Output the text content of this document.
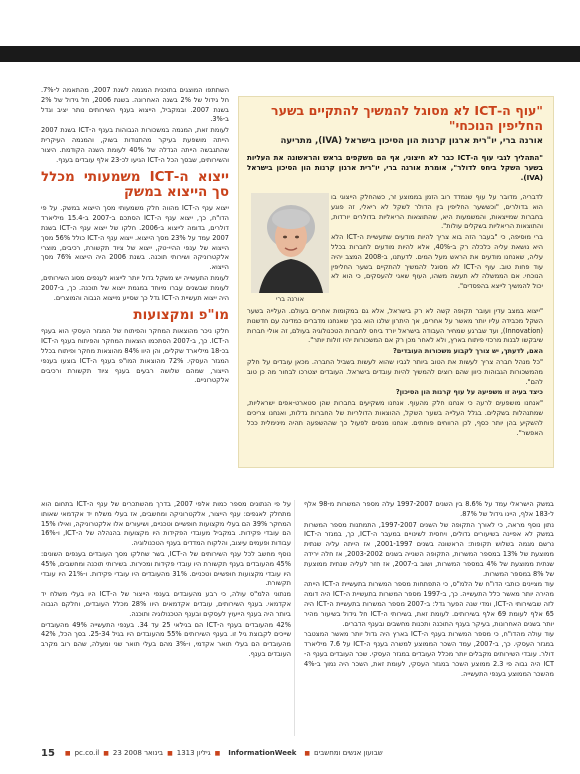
השתתפו המוצגים בתוכנית המגמה לשנת 2007, מהתאמה ל-7%. חל גידול של 2% בשנה האחרונה. בשנת 2006, חל גידול של 2% בשנת 2007. ובמקביל, הייצוא בענף השירותים נותר יציב וגדל ב-3%.

לעומת זאת, המגמה במשכורות הגבוהות בענף ה-ICT בשנת 2007 הייתה מושפעת בעיקר מהתנודות בשוק, והמגמה העיקרית שהתגבשה הייתה הגדלה של 40% לעומת השנה הקודמת. היצור והשירותים, שבסך הכל ה-ICT הגיעו לכ-23 אלף עובדים בענף.

ייצוא ה-ICT משמעותי מכלל סך הייצוא במשק

ייצוא ענף ה-ICT מהווה חלק משמעותי מסך הייצוא במשק. על פי הדו"ח, כך, ייצוא ענף ה-ICT הסתכם ב-2007 ב-15.4 מיליארד דולרים, בדומה לייצוא ב-2006. חלקו של ייצוא ענף ה-ICT בשנת 2007 עמד על 23% מסך הייצוא. ייצוא ענף ה-ICT כולל 56% מסך הייצוא של ענפי ההיי-טק, ייצוא של ציוד תקשורת, רכיבים, מוצרי אלקטרוניקה ושירותי תוכנה. בשנת 2006 היה הייצוא 76% מסך הייצוא.

לעומת התעשייה יש משקל גדול יותר לייצוא לענפים מסוג השירותים, לעומת שבשנים עברו מיוחד במגמת ייצוא של תוכנה. כך, ב-2007 היה ייצוא תעשיית ה-ICT גדל כך שסייע מייצוא הגבוה והמוצרים.

מו"פ ומקצועות

חלקו ניכר מהוצאות המחקר והפיתוח של המגזר העסקי הוא בענף ה-ICT. כך, ב-2007 הסתכמו הוצאות המחקר והפיתוח בענף ה-ICT בכ-18 מיליארד שקלים, והן היוו 84% מהוצאות מחקר ופיתוח בכלל המגזר העסקי. 72% מהוצאות המו"פ בענף ה-ICT בוצעו בענפי הייצור, שמהם שלושה רבעים בענף ציוד תקשורת ורכיבים אלקטרוניים.

"עוף ה-ICT לא מסוגל להמשיך להתקיים בשער החליפין הנוכחי"
אורנה ברי, יו"רית ארגון קרנות הון הסיכון בישראל (IVA), מתריעה
"התהליך לגבי עוף ה-ICT כבר לא חיצוני, אף הם משקפים בראש והראשונה את העליות בשער השקל ביחס לדולר", אומרת אורנה ברי, יו"רית ארגון קרנות הון הסיכון בישראל (IVA).
אורנה ברי

לדבריה, מדובר על עוף שנמדד רוב הזמן בממוצע זר, כשהחלק הייצוגי בו הוא בדולרים, "וכששער החליפין בין הדולר לשקל לא ריאלי, זה פוגע בחברות שמייצאות, והמשמעות היא, שהתוצאות הריאליות בדולרים יורדות, והתוצאות הריאליות בשקלים עולות".

ברי מוסיפה, כי "בעבר הזה בוא צריך להיות מודעים שתעשיית ה-ICT הלא היא נושאת עליה כלכלה רק ב-40%, אלא להיות מודעים לחברות בכלל עליה, שאנחנו מודעים את הראש מעל המים. לדעתנו, ב-2008 המצב יהיה עוד פחות טוב. עוף ה-ICT לא מסוגל להמשיך להתקיים בשער החליפין הנוכחי. אם הממשלה לא תעשה משהו, העוף שאני להעסקים, כי הוא לא יכול להמשיך לייצא בהפסדים".

"ייצוא במצב עדין ועובר תקופה קשה לא רק בישראל, אלא גם במקומות אחרים בעולם. העלייה בשער השקל מכבידה עליו יותר מאשר על אחרים, אך היתרון שלנו הוא בכך שאנחנו מדברים כמדינה עם חדשנות (Innovation), ועד שברגע שמחיר העבודה בישראל יורד ביחס לחברות הטכנולוגיה בעולם, זה אולי חברות שיבקשו לבנות מרכזי פיתוח בארץ, ולא לאחר מכן רק אם המשכורות יהיו זולות יותר".

האם, לדעתך, יש צורך לקבוע משכורות העובדים?

"כל מנהל חברה צריך לעשות את הטוב ביותר לגביו שהוא לעשות בשביל החברה. מכאן עובדים על חלק מהמשכורות הגבוהות כיוון שהם רוצים להמשיך להיות עובדים בישראל. העובדים יצטרכו לבחור מה כן טוב להם".

כיצד בעיה זו משפיעה על עוף קרנות הון הסיכון?

"אנחנו מושפעים לרעה כי אנחנו חלק מהעוף. אנחנו משקיעים בחברות שהן סטארט-אפים ישראליות, שמתנהלות בשקלים. בגלל העלייה בשער השקל, ההוצאות הדולריות של החברות גדלות, ואנחנו צריכים להשקיע בהן יותר כסף, לכן הרווחים פוחתים. אנחנו מנסים לפעול כך שההשפעה תהיה מינימלית ככל האפשר".

במשק הישראלי עמד על 8.6% בין השנים 1997-2007 עלה מספר המשרות מ-98 אלף ל-183 אלף, היינו גידול של 87%.

נתון נוסף מראה, כי לאורך התקופה של השנים 1997-2007, התמתנות מספר המשרות במשק לא אפיינה בשיעורים גדולים, ויחסית לשינויים במעבר ה-ICT, כך, במגזר ה-ICT נרשם מגמה בשלוש תקופות: הראשונה בשנים 2001-1997, אז הייתה עליה שנתית ממוצעת של 13% במספר המשרות, התקופה השנייה בשנים 2003-2002, אז חלה ירידה שנתית ממוצעת של 4% במספר המשרות, ושוב ב-2007, אז חזר לעליה שנתית ממוצעת של 8% במספר המשרות.

עוד מציינים כותבי הדו"ח של הלמ"ס, כי התפתחות מספר המשרות בתעשיית ה-ICT הייתה מהירה יותר מאשר כלל התעשייה. כך, ב-1997 מספר המשרות בתעשיית ה-ICT היה דומה לזה שבשירותי ה-ICT, ומדי שנה הפער גדל: ב-2007 מספר המשרות בתעשיית ה-ICT היה 65 אלף לעומת 69 אלף בשירותים. לעומת זאת, בשירותי ה-ICT חל גידול בשיעור מהיר יותר בשנים האחרונות, בעיקר בענף התוכנה ותכנות מחשבים ובענף הדברים.

עוד עולה מהדו"ח, כי מספר המשרות בענף ה-ICT בארץ היה גדול יותר מאשר המצטבר במגזר העסקי. כך, ב-2007, עמד השכר הממוצע למשרה בענף ה-ICT על 7.6 מיליארד דולר. עובדי השירותים מקבלים יותר מכלל העובדים במגזר העסקי. שכר העובדים בענף ה-ICT היה גבוה פי 2.3 ממוצע השכר במגזר העסקי, לעומת זאת, השכר היה נמוך ב-4% מהשכר הממוצע בענפי התעשייה.

על פי הנתונים מספר כמות אלפי 2007, בדרך מהשתכרים של ענף ה-ICT בתחום הוא מתחלק לאגפים: ענף הייצור, אלקטרוניקה ומחשבים, אז בעלי משלח יד אקדמאי שאותו המחקר 39% הם בעלי מקצועות חופשיים וטכניים, ושיעורים אלו אלקטרוניקה, ואילו 15% הם עובדי פקידות. במקביל מעובדי הפקידות היו מקצועות בהנהלה של ה-ICT, ו-16% עבודות ופעמים עיצוב, והלקוח המדדים בענף הטכנולוגיה.

נוסף מחשב לכל ענף השירותים של ה-ICT, בשר שחלקו מסך העובדים בענפים השונים: 45% מהעובדים בענף תקשורת היו עובדי פקידות ומכירות. בשירותי תוכנה ומחשבים, 45% היו עובדי מקצועות חופשיים וטכניים. 31% מהעובדים היו עובדי פקידות. ו-21% היו עובדי תקשורת.

מנתוני הלמ"ס עולה, כי רבע מהעובדים בענפי הייצור של ה-ICT היו בעלי משלח יד אקדמאי. בענף השירותים, עובדים אקדמאים היוו 28% מכלל העובדים, וחלקם הגבוה ביותר היה בענף הייעוץ לעסקים ובענף הטכנולוגיה ותוכנה.

42% מהעובדים בענף ה-ICT הם בגילאי 25 עד 34. בענפי התעשייה 49% מהעובדים שייכים לקבוצת גיל זו. בענף השירותים 55% מהעובדים היו בגיל 25-34. בסך הכל, 42% מהעובדים הם בעלי תואר אקדמי, ו-3% מהם בעלי תואר שני ומעלה, שהם רוב מקרב העובדים בענף.

15 ■ pc.co.il ■ 23 בינואר 2008 ■ גיליון 1313 ■ InformationWeek ■ שבועון אנשים ומחשבים
